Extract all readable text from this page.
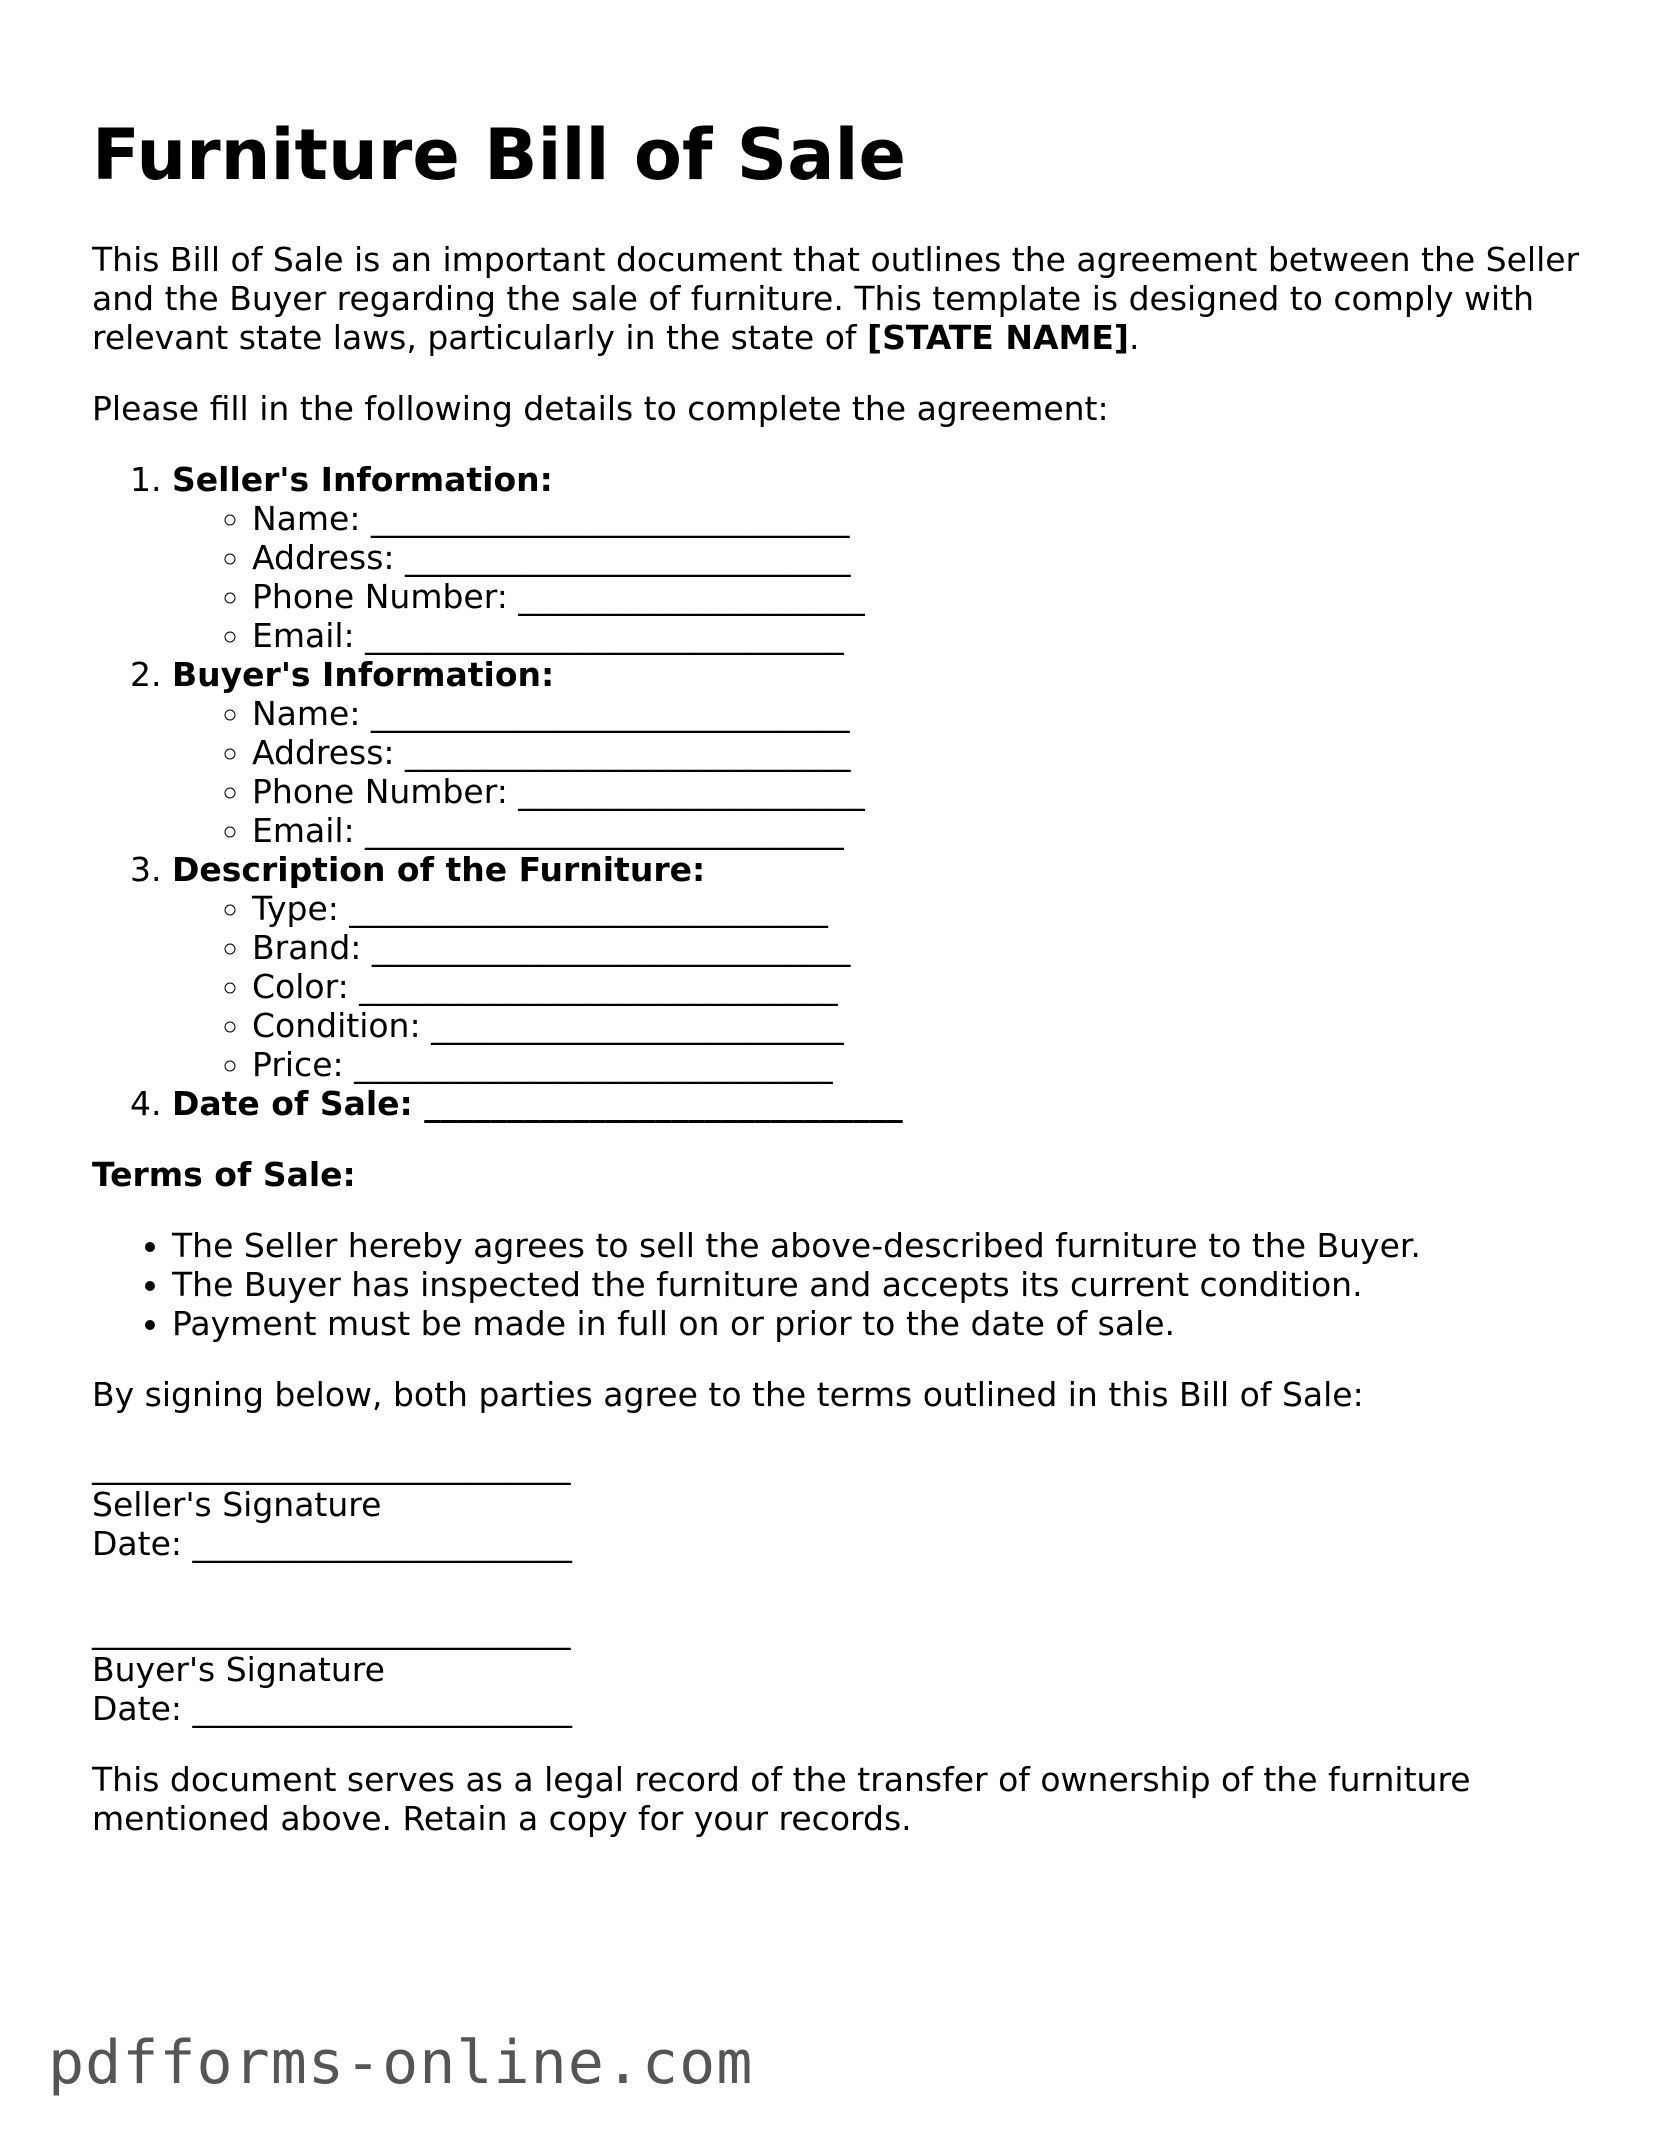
Furniture Bill of Sale

This Bill of Sale is an important document that outlines the agreement between the Seller and the Buyer regarding the sale of furniture. This template is designed to comply with relevant state laws, particularly in the state of [STATE NAME].

Please fill in the following details to complete the agreement:

1. Seller's Information:
◦ Name: _____________________________
◦ Address: ___________________________
◦ Phone Number: _____________________
◦ Email: _____________________________
2. Buyer's Information:
◦ Name: _____________________________
◦ Address: ___________________________
◦ Phone Number: _____________________
◦ Email: _____________________________
3. Description of the Furniture:
◦ Type: _____________________________
◦ Brand: _____________________________
◦ Color: _____________________________
◦ Condition: _________________________
◦ Price: _____________________________
4. Date of Sale: _____________________________

Terms of Sale:

• The Seller hereby agrees to sell the above-described furniture to the Buyer.
• The Buyer has inspected the furniture and accepts its current condition.
• Payment must be made in full on or prior to the date of sale.

By signing below, both parties agree to the terms outlined in this Bill of Sale:

_____________________________
Seller's Signature
Date: _______________________
_____________________________
Buyer's Signature
Date: _______________________

This document serves as a legal record of the transfer of ownership of the furniture mentioned above. Retain a copy for your records.

pdfforms-online.com
